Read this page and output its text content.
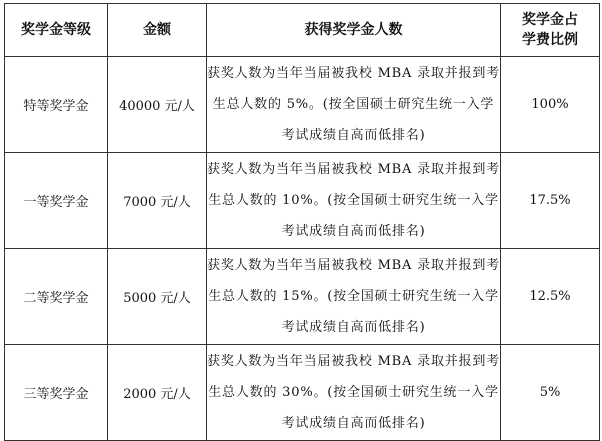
奖学金等级	金额	获得奖学金人数	奖学金占
学费比例
特等奖学金	40000 元/人	获奖人数为当年当届被我校 MBA 录取并报到考生总人数的 5%。(按全国硕士研究生统一入学考试成绩自高而低排名)	100%
一等奖学金	7000 元/人	获奖人数为当年当届被我校 MBA 录取并报到考生总人数的 10%。(按全国硕士研究生统一入学考试成绩自高而低排名)	17.5%
二等奖学金	5000 元/人	获奖人数为当年当届被我校 MBA 录取并报到考生总人数的 15%。(按全国硕士研究生统一入学考试成绩自高而低排名)	12.5%
三等奖学金	2000 元/人	获奖人数为当年当届被我校 MBA 录取并报到考生总人数的 30%。(按全国硕士研究生统一入学考试成绩自高而低排名)	5%
